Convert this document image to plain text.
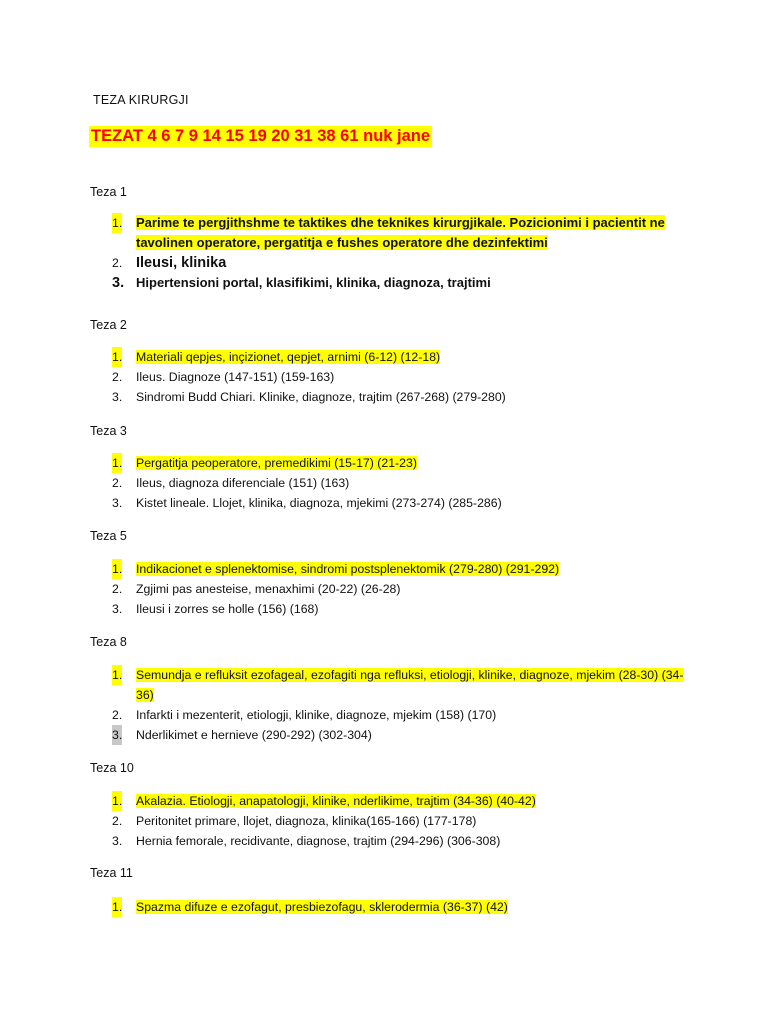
TEZA KIRURGJI
TEZAT 4 6 7 9 14 15 19 20 31 38 61 nuk jane
Teza 1
1. Parime te pergjithshme te taktikes dhe teknikes kirurgjikale. Pozicionimi i pacientit ne tavolinen operatore, pergatitja e fushes operatore dhe dezinfektimi
2. Ileusi, klinika
3. Hipertensioni portal, klasifikimi, klinika, diagnoza, trajtimi
Teza 2
1. Materiali qepjes, inçizionet, qepjet, arnimi (6-12) (12-18)
2. Ileus. Diagnoze (147-151) (159-163)
3. Sindromi Budd Chiari. Klinike, diagnoze, trajtim (267-268) (279-280)
Teza 3
1. Pergatitja peoperatore, premedikimi (15-17) (21-23)
2. Ileus, diagnoza diferenciale (151) (163)
3. Kistet lineale. Llojet, klinika, diagnoza, mjekimi (273-274) (285-286)
Teza 5
1. Indikacionet e splenektomise, sindromi postsplenektomik (279-280) (291-292)
2. Zgjimi pas anesteise, menaxhimi (20-22) (26-28)
3. Ileusi i zorres se holle (156) (168)
Teza 8
1. Semundja e refluksit ezofageal, ezofagiti nga refluksi, etiologji, klinike, diagnoze, mjekim (28-30) (34-36)
2. Infarkti i mezenterit, etiologji, klinike, diagnoze, mjekim (158) (170)
3. Nderlikimet e hernieve (290-292) (302-304)
Teza 10
1. Akalazia. Etiologji, anapatologji, klinike, nderlikime, trajtim (34-36) (40-42)
2. Peritonitet primare, llojet, diagnoza, klinika(165-166) (177-178)
3. Hernia femorale, recidivante, diagnose, trajtim (294-296) (306-308)
Teza 11
1. Spazma difuze e ezofagut, presbiezofagu, sklerodermia (36-37) (42)
